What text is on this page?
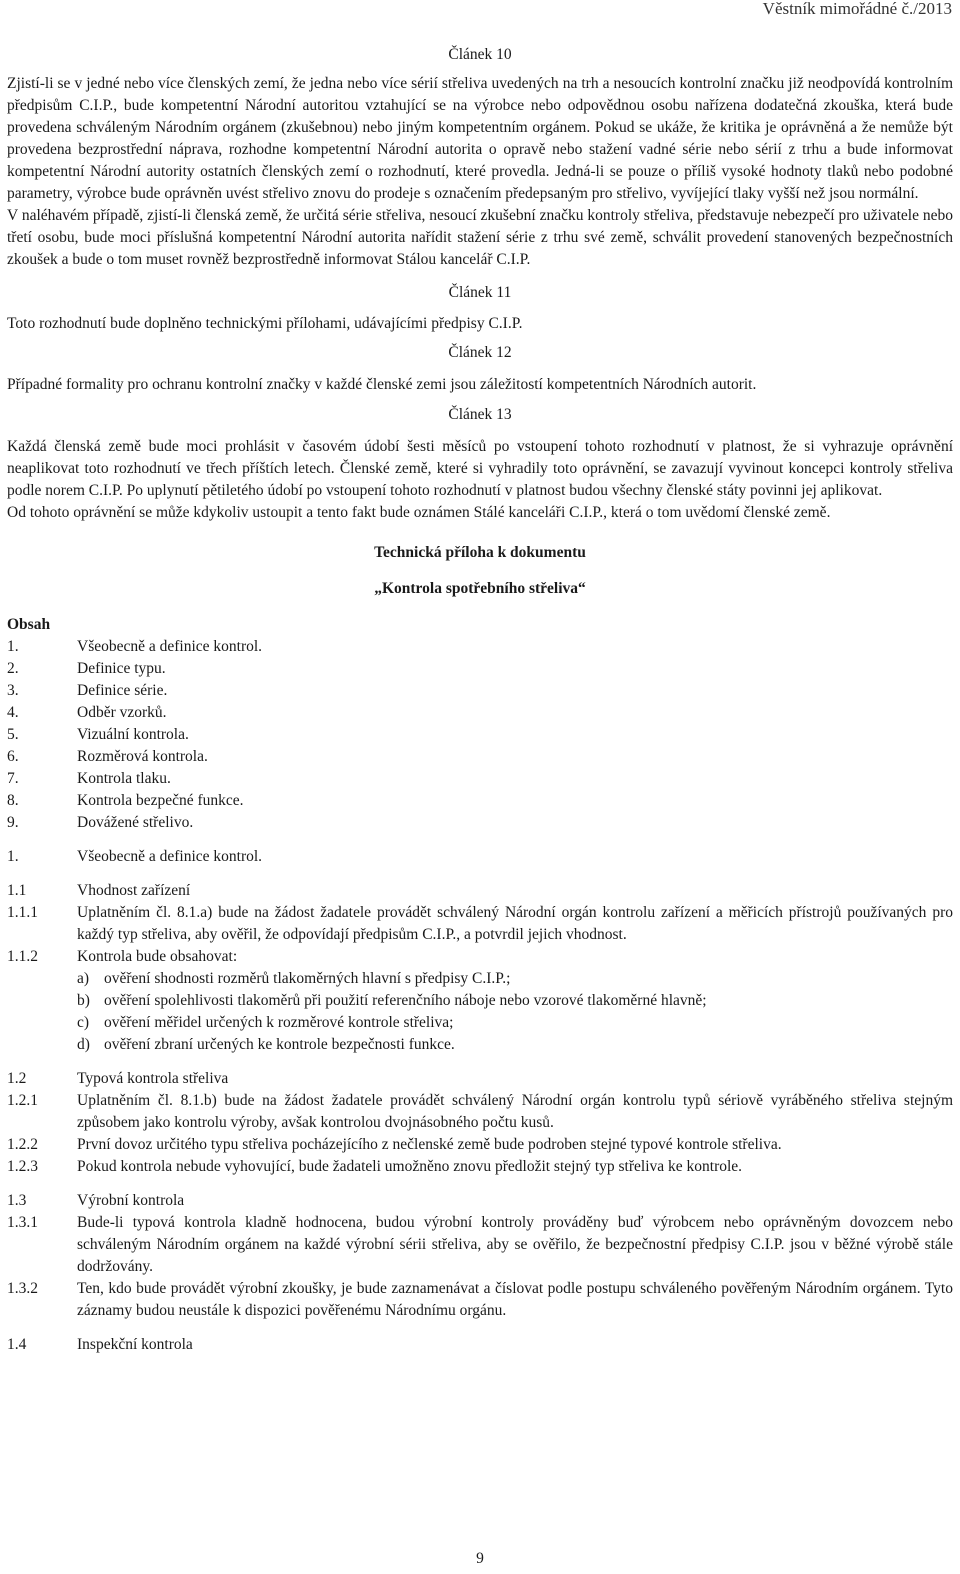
Věstník mimořádné č./2013

Článek 10

Zjistí-li se v jedné nebo více členských zemí, že jedna nebo více sérií střeliva uvedených na trh a nesoucích kontrolní značku již neodpovídá kontrolním předpisům C.I.P., bude kompetentní Národní autoritou vztahující se na výrobce nebo odpovědnou osobu nařízena dodatečná zkouška, která bude provedena schváleným Národním orgánem (zkušebnou) nebo jiným kompetentním orgánem. Pokud se ukáže, že kritika je oprávněná a že nemůže být provedena bezprostřední náprava, rozhodne kompetentní Národní autorita o opravě nebo stažení vadné série nebo sérií z trhu a bude informovat kompetentní Národní autority ostatních členských zemí o rozhodnutí, které provedla. Jedná-li se pouze o příliš vysoké hodnoty tlaků nebo podobné parametry, výrobce bude oprávněn uvést střelivo znovu do prodeje s označením předepsaným pro střelivo, vyvíjející tlaky vyšší než jsou normální.

V naléhavém případě, zjistí-li členská země, že určitá série střeliva, nesoucí zkušební značku kontroly střeliva, představuje nebezpečí pro uživatele nebo třetí osobu, bude moci příslušná kompetentní Národní autorita nařídit stažení série z trhu své země, schválit provedení stanovených bezpečnostních zkoušek a bude o tom muset rovněž bezprostředně informovat Stálou kancelář C.I.P.

Článek 11

Toto rozhodnutí bude doplněno technickými přílohami, udávajícími předpisy C.I.P.

Článek 12

Případné formality pro ochranu kontrolní značky v každé členské zemi jsou záležitostí kompetentních Národních autorit.

Článek 13

Každá členská země bude moci prohlásit v časovém údobí šesti měsíců po vstoupení tohoto rozhodnutí v platnost, že si vyhrazuje oprávnění neaplikovat toto rozhodnutí ve třech příštích letech. Členské země, které si vyhradily toto oprávnění, se zavazují vyvinout koncepci kontroly střeliva podle norem C.I.P. Po uplynutí pětiletého údobí po vstoupení tohoto rozhodnutí v platnost budou všechny členské státy povinni jej aplikovat.

Od tohoto oprávnění se může kdykoliv ustoupit a tento fakt bude oznámen Stálé kanceláři C.I.P., která o tom uvědomí členské země.

Technická příloha k dokumentu

„Kontrola spotřebního střeliva“

Obsah

1.	Všeobecně a definice kontrol.
2.	Definice typu.
3.	Definice série.
4.	Odběr vzorků.
5.	Vizuální kontrola.
6.	Rozměrová kontrola.
7.	Kontrola tlaku.
8.	Kontrola bezpečné funkce.
9.	Dovážené střelivo.
1.	Všeobecně a definice kontrol.
1.1	Vhodnost zařízení
1.1.1	Uplatněním čl. 8.1.a) bude na žádost žadatele provádět schválený Národní orgán kontrolu zařízení a měřicích přístrojů používaných pro každý typ střeliva, aby ověřil, že odpovídají předpisům C.I.P., a potvrdil jejich vhodnost.
1.1.2	Kontrola bude obsahovat:
a) ověření shodnosti rozměrů tlakoměrných hlavní s předpisy C.I.P.;
b) ověření spolehlivosti tlakoměrů při použití referenčního náboje nebo vzorové tlakoměrné hlavně;
c) ověření měřidel určených k rozměrové kontrole střeliva;
d) ověření zbraní určených ke kontrole bezpečnosti funkce.
1.2	Typová kontrola střeliva
1.2.1	Uplatněním čl. 8.1.b) bude na žádost žadatele provádět schválený Národní orgán kontrolu typů sériově vyráběného střeliva stejným způsobem jako kontrolu výroby, avšak kontrolou dvojnásobného počtu kusů.
1.2.2	První dovoz určitého typu střeliva pocházejícího z nečlenské země bude podroben stejné typové kontrole střeliva.
1.2.3	Pokud kontrola nebude vyhovující, bude žadateli umožněno znovu předložit stejný typ střeliva ke kontrole.
1.3	Výrobní kontrola
1.3.1	Bude-li typová kontrola kladně hodnocena, budou výrobní kontroly prováděny buď výrobcem nebo oprávněným dovozcem nebo schváleným Národním orgánem na každé výrobní sérii střeliva, aby se ověřilo, že bezpečnostní předpisy C.I.P. jsou v běžné výrobě stále dodržovány.
1.3.2	Ten, kdo bude provádět výrobní zkoušky, je bude zaznamenávat a číslovat podle postupu schváleného pověřeným Národním orgánem. Tyto záznamy budou neustále k dispozici pověřenému Národnímu orgánu.
1.4	Inspekční kontrola
9
